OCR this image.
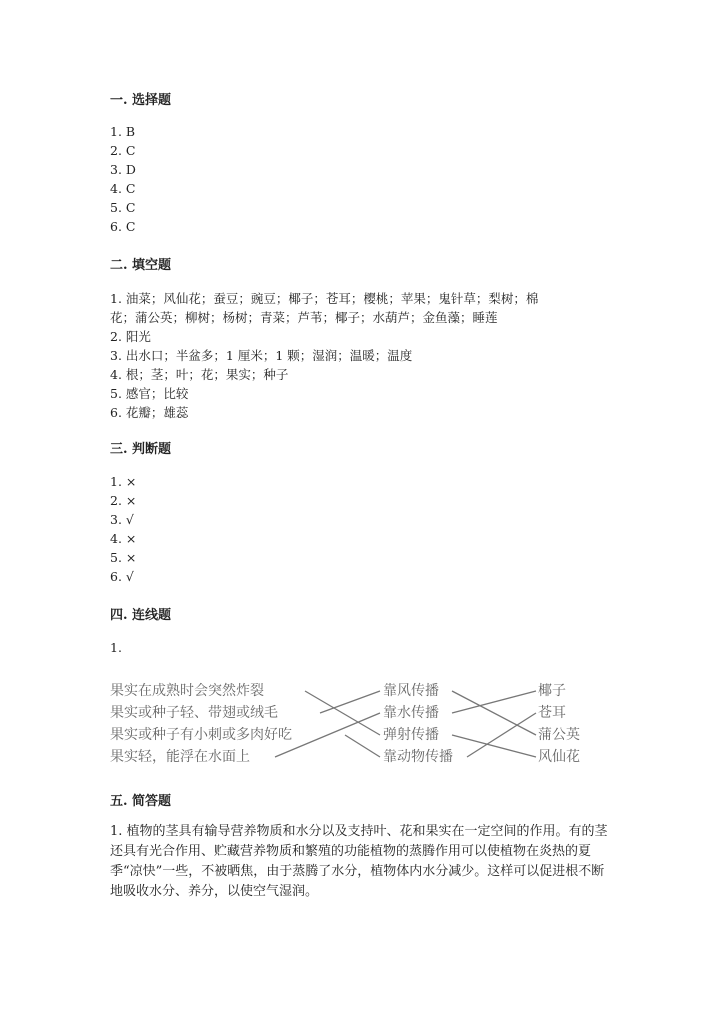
一. 选择题
1. B
2. C
3. D
4. C
5. C
6. C
二. 填空题
1. 油菜；风仙花；蚕豆；豌豆；椰子；苍耳；樱桃；苹果；鬼针草；梨树；棉
花；蒲公英；柳树；杨树；青菜；芦苇；椰子；水葫芦；金鱼藻；睡莲
2. 阳光
3. 出水口；半盆多；1 厘米；1 颗；湿润；温暖；温度
4. 根；茎；叶；花；果实；种子
5. 感官；比较
6. 花瓣；雄蕊
三. 判断题
1. ×
2. ×
3. √
4. ×
5. ×
6. √
四. 连线题
1.
果实在成熟时会突然炸裂
果实或种子轻、带翅或绒毛
果实或种子有小刺或多肉好吃
果实轻，能浮在水面上
靠风传播
靠水传播
弹射传播
靠动物传播
椰子
苍耳
蒲公英
风仙花
五. 简答题
1. 植物的茎具有输导营养物质和水分以及支持叶、花和果实在一定空间的作用。有的茎还具有光合作用、贮藏营养物质和繁殖的功能植物的蒸腾作用可以使植物在炎热的夏季“凉快”一些，不被晒焦，由于蒸腾了水分，植物体内水分减少。这样可以促进根不断地吸收水分、养分，以使空气湿润。
